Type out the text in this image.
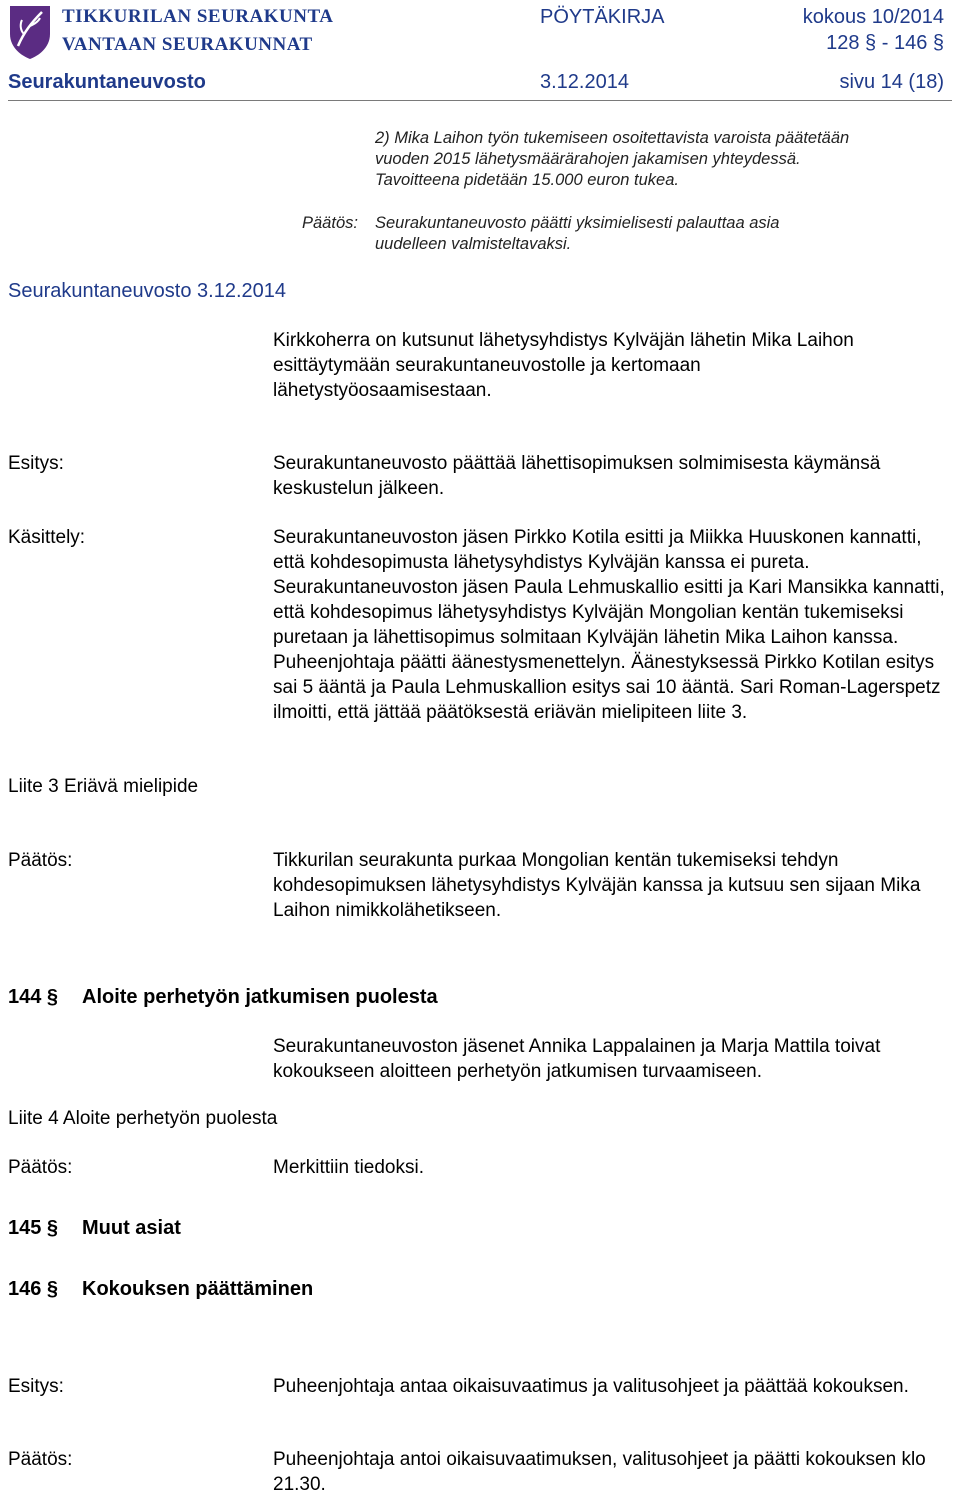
TIKKURILAN SEURAKUNTA
VANTAAN SEURAKUNNAT
PÖYTÄKIRJA	kokous 10/2014
128 § - 146 §
Seurakuntaneuvosto	3.12.2014	sivu 14 (18)
2) Mika Laihon työn tukemiseen osoitettavista varoista päätetään vuoden 2015 lähetysmäärärahojen jakamisen yhteydessä. Tavoitteena pidetään 15.000 euron tukea.
Päätös: Seurakuntaneuvosto päätti yksimielisesti palauttaa asia uudelleen valmisteltavaksi.
Seurakuntaneuvosto 3.12.2014
Kirkkoherra on kutsunut lähetysyhdistys Kylväjän lähetin Mika Laihon esittäytymään seurakuntaneuvostolle ja kertomaan lähetystyöosaamisestaan.
Esitys:	Seurakuntaneuvosto päättää lähettisopimuksen solmimisesta käymänsä keskustelun jälkeen.
Käsittely:	Seurakuntaneuvoston jäsen Pirkko Kotila esitti ja Miikka Huuskonen kannatti, että kohdesopimusta lähetysyhdistys Kylväjän kanssa ei pureta. Seurakuntaneuvoston jäsen Paula Lehmuskallio esitti ja Kari Mansikka kannatti, että kohdesopimus lähetysyhdistys Kylväjän Mongolian kentän tukemiseksi puretaan ja lähettisopimus solmitaan Kylväjän lähetin Mika Laihon kanssa. Puheenjohtaja päätti äänestysmenettelyn. Äänestyksessä Pirkko Kotilan esitys sai 5 ääntä ja Paula Lehmuskallion esitys sai 10 ääntä. Sari Roman-Lagerspetz ilmoitti, että jättää päätöksestä eriävän mielipiteen liite 3.
Liite 3 Eriävä mielipide
Päätös:	Tikkurilan seurakunta purkaa Mongolian kentän tukemiseksi tehdyn kohdesopimuksen lähetysyhdistys Kylväjän kanssa ja kutsuu sen sijaan Mika Laihon nimikkolähetikseen.
144 § Aloite perhetyön jatkumisen puolesta
Seurakuntaneuvoston jäsenet Annika Lappalainen ja Marja Mattila toivat kokoukseen aloitteen perhetyön jatkumisen turvaamiseen.
Liite 4 Aloite perhetyön puolesta
Päätös:	Merkittiin tiedoksi.
145 § Muut asiat
146 § Kokouksen päättäminen
Esitys:	Puheenjohtaja antaa oikaisuvaatimus ja valitusohjeet ja päättää kokouksen.
Päätös:	Puheenjohtaja antoi oikaisuvaatimuksen, valitusohjeet ja päätti kokouksen klo 21.30.
